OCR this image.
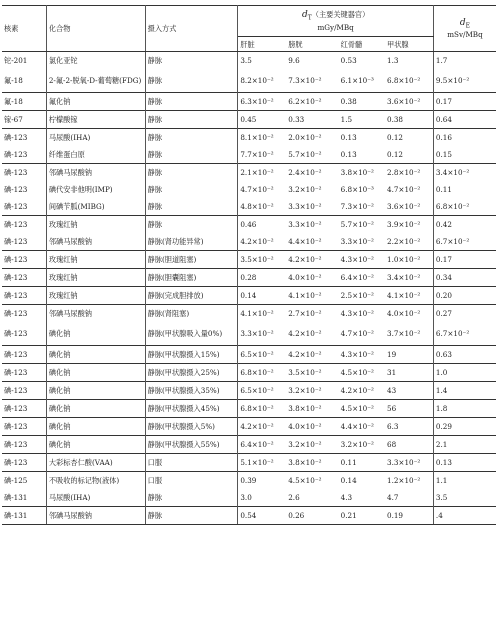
核素	化合物	摄入方式	$d_T$（主要关键器官）
mGy/MBq				$d_E$
mSv/MBq

			肝脏	膀胱	红骨髓	甲状腺	
铊-201	氯化亚铊	静脉	3.5	9.6	0.53	1.3	1.7
氟-18	2-氟-2-脱氧-D-葡萄糖(FDG)	静脉	8.2×10⁻²	7.3×10⁻²	6.1×10⁻³	6.8×10⁻²	9.5×10⁻²
氟-18	氟化钠	静脉	6.3×10⁻²	6.2×10⁻²	0.38	3.6×10⁻²	0.17
镓-67	柠檬酸镓	静脉	0.45	0.33	1.5	0.38	0.64
碘-123	马尿酸(IHA)	静脉	8.1×10⁻²	2.0×10⁻²	0.13	0.12	0.16
碘-123	纤维蛋白原	静脉	7.7×10⁻²	5.7×10⁻²	0.13	0.12	0.15
碘-123	邻碘马尿酸钠	静脉	2.1×10⁻²	2.4×10⁻²	3.8×10⁻²	2.8×10⁻²	3.4×10⁻²
碘-123	碘代安非他明(IMP)	静脉	4.7×10⁻²	3.2×10⁻²	6.8×10⁻³	4.7×10⁻²	0.11
碘-123	间碘苄胍(MIBG)	静脉	4.8×10⁻²	3.3×10⁻²	7.3×10⁻²	3.6×10⁻²	6.8×10⁻²
碘-123	玫瑰红钠	静脉	0.46	3.3×10⁻²	5.7×10⁻²	3.9×10⁻²	0.42
碘-123	邻碘马尿酸钠	静脉(肾功能异常)	4.2×10⁻²	4.4×10⁻²	3.3×10⁻²	2.2×10⁻²	6.7×10⁻²
碘-123	玫瑰红钠	静脉(胆道阻塞)	3.5×10⁻²	4.2×10⁻²	4.3×10⁻²	1.0×10⁻²	0.17
碘-123	玫瑰红钠	静脉(胆囊阻塞)	0.28	4.0×10⁻²	6.4×10⁻²	3.4×10⁻²	0.34
碘-123	玫瑰红钠	静脉(完成胆排放)	0.14	4.1×10⁻²	2.5×10⁻²	4.1×10⁻²	0.20
碘-123	邻碘马尿酸钠	静脉(肾阻塞)	4.1×10⁻²	2.7×10⁻²	4.3×10⁻²	4.0×10⁻²	0.27
碘-123	碘化钠	静脉(甲状腺吸入量0%)	3.3×10⁻²	4.2×10⁻²	4.7×10⁻²	3.7×10⁻²	6.7×10⁻²
碘-123	碘化钠	静脉(甲状腺摄入15%)	6.5×10⁻²	4.2×10⁻²	4.3×10⁻²	19	0.63
碘-123	碘化钠	静脉(甲状腺摄入25%)	6.8×10⁻²	3.5×10⁻²	4.5×10⁻²	31	1.0
碘-123	碘化钠	静脉(甲状腺摄入35%)	6.5×10⁻²	3.2×10⁻²	4.2×10⁻²	43	1.4
碘-123	碘化钠	静脉(甲状腺摄入45%)	6.8×10⁻²	3.8×10⁻²	4.5×10⁻²	56	1.8
碘-123	碘化钠	静脉(甲状腺摄入5%)	4.2×10⁻²	4.0×10⁻²	4.4×10⁻²	6.3	0.29
碘-123	碘化钠	静脉(甲状腺摄入55%)	6.4×10⁻²	3.2×10⁻²	3.2×10⁻²	68	2.1
碘-123	大彩标杏仁酸(VAA)	口服	5.1×10⁻²	3.8×10⁻²	0.11	3.3×10⁻²	0.13
碘-125	不吸收的标记物(液体)	口服	0.39	4.5×10⁻²	0.14	1.2×10⁻²	1.1
碘-131	马尿酸(IHA)	静脉	3.0	2.6	4.3	4.7	3.5
碘-131	邻碘马尿酸钠	静脉	0.54	0.26	0.21	0.19	.4
